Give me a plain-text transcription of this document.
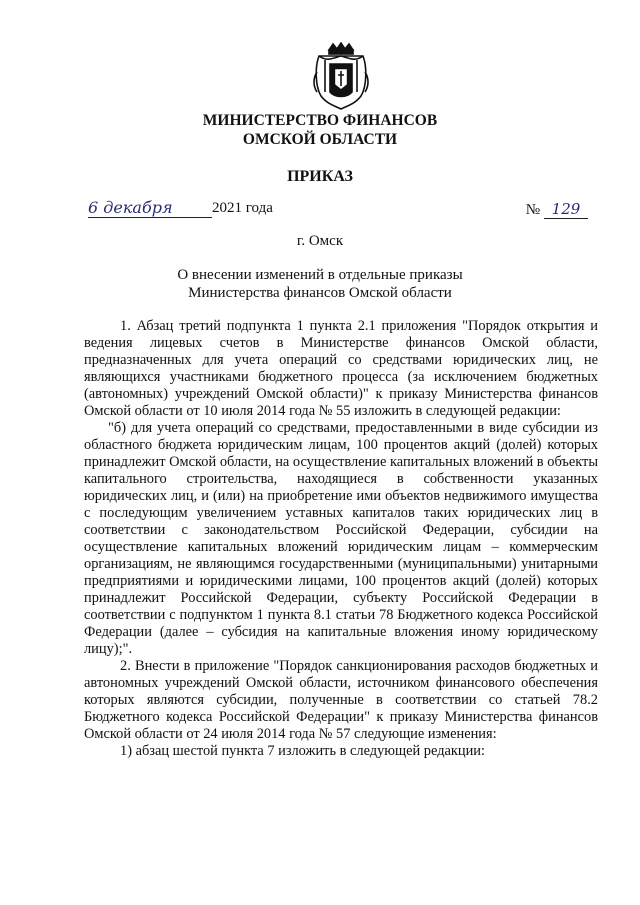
МИНИСТЕРСТВО ФИНАНСОВ
ОМСКОЙ ОБЛАСТИ
ПРИКАЗ
6 декабря	2021 года	№ 129
г. Омск
О внесении изменений в отдельные приказы
Министерства финансов Омской области

1. Абзац третий подпункта 1 пункта 2.1 приложения "Порядок открытия и ведения лицевых счетов в Министерстве финансов Омской области, предназначенных для учета операций со средствами юридических лиц, не являющихся участниками бюджетного процесса (за исключением бюджетных (автономных) учреждений Омской области)" к приказу Министерства финансов Омской области от 10 июля 2014 года № 55 изложить в следующей редакции:

"б) для учета операций со средствами, предоставленными в виде субсидии из областного бюджета юридическим лицам, 100 процентов акций (долей) которых принадлежит Омской области, на осуществление капитальных вложений в объекты капитального строительства, находящиеся в собственности указанных юридических лиц, и (или) на приобретение ими объектов недвижимого имущества с последующим увеличением уставных капиталов таких юридических лиц в соответствии с законодательством Российской Федерации, субсидии на осуществление капитальных вложений юридическим лицам – коммерческим организациям, не являющимся государственными (муниципальными) унитарными предприятиями и юридическими лицами, 100 процентов акций (долей) которых принадлежит Российской Федерации, субъекту Российской Федерации в соответствии с подпунктом 1 пункта 8.1 статьи 78 Бюджетного кодекса Российской Федерации (далее – субсидия на капитальные вложения иному юридическому лицу);".

2. Внести в приложение "Порядок санкционирования расходов бюджетных и автономных учреждений Омской области, источником финансового обеспечения которых являются субсидии, полученные в соответствии со статьей 78.2 Бюджетного кодекса Российской Федерации" к приказу Министерства финансов Омской области от 24 июля 2014 года № 57 следующие изменения:

1) абзац шестой пункта 7 изложить в следующей редакции:
